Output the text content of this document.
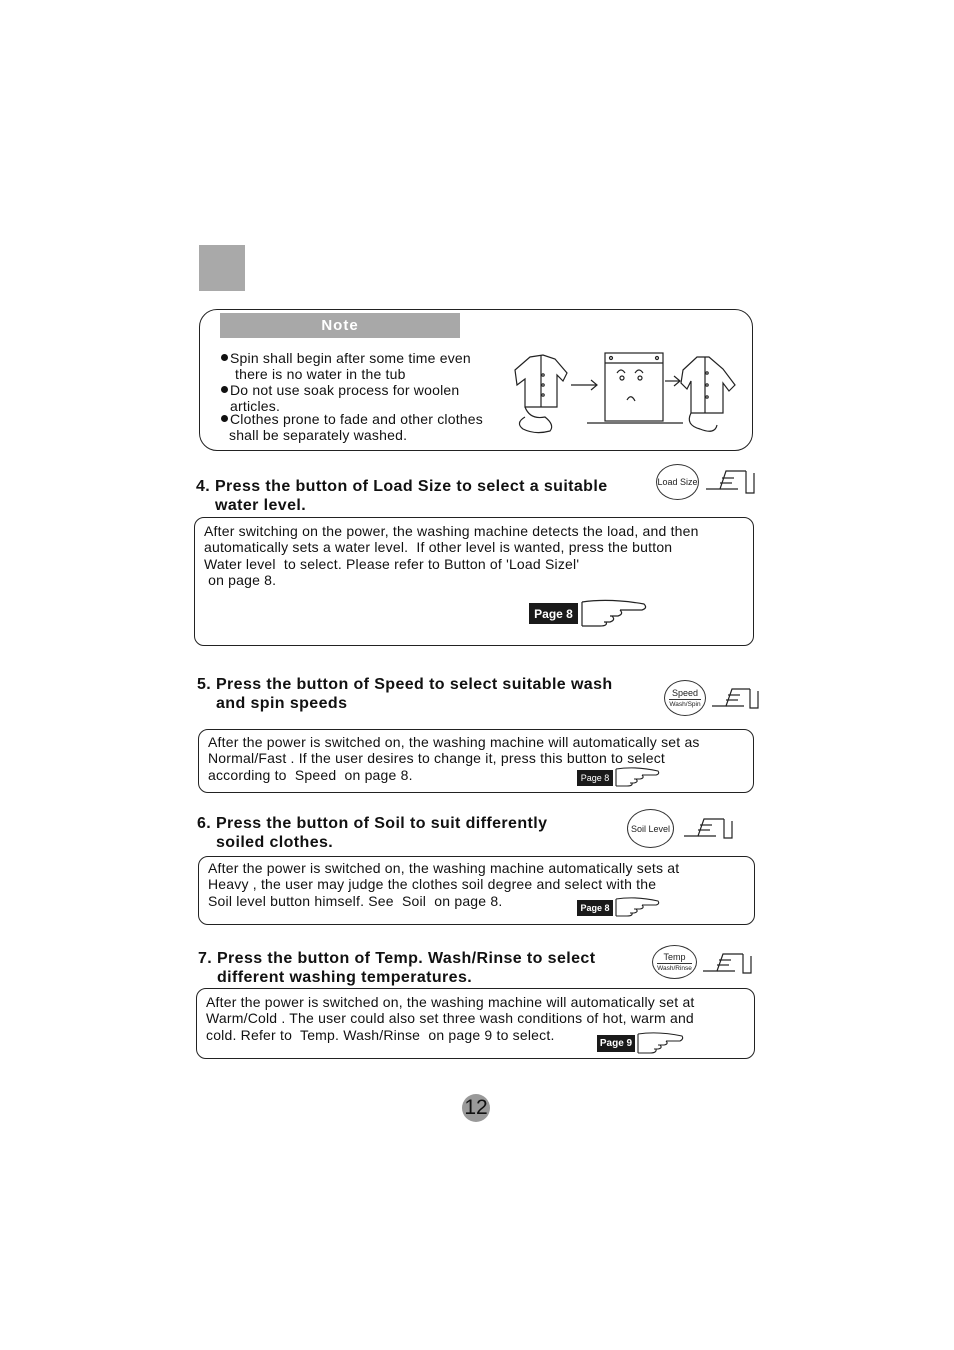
Note
Spin shall begin after some time even
there is no water in the tub
Do not use soak process for woolen
articles.
Clothes prone to fade and other clothes
shall be separately washed.
4. Press the button of Load Size to select a suitable
water level.
Load Size
After switching on the power, the washing machine detects the load, and then
automatically sets a water level.  If other level is wanted, press the button
Water level  to select. Please refer to Button of 'Load Sizel'
on page 8.
Page 8
5. Press the button of Speed to select suitable wash
and spin speeds
Speed
Wash/Spin
After the power is switched on, the washing machine will automatically set as
Normal/Fast . If the user desires to change it, press this button to select
according to  Speed  on page 8.	Page 8
6. Press the button of Soil to suit differently
soiled clothes.
Soil Level
After the power is switched on, the washing machine automatically sets at
Heavy , the user may judge the clothes soil degree and select with the
Soil level button himself. See  Soil  on page 8.	Page 8
7. Press the button of Temp. Wash/Rinse to select
different washing temperatures.
Temp
Wash/Rinse
After the power is switched on, the washing machine will automatically set at
Warm/Cold . The user could also set three wash conditions of hot, warm and
cold. Refer to  Temp. Wash/Rinse  on page 9 to select.
Page 9
12
